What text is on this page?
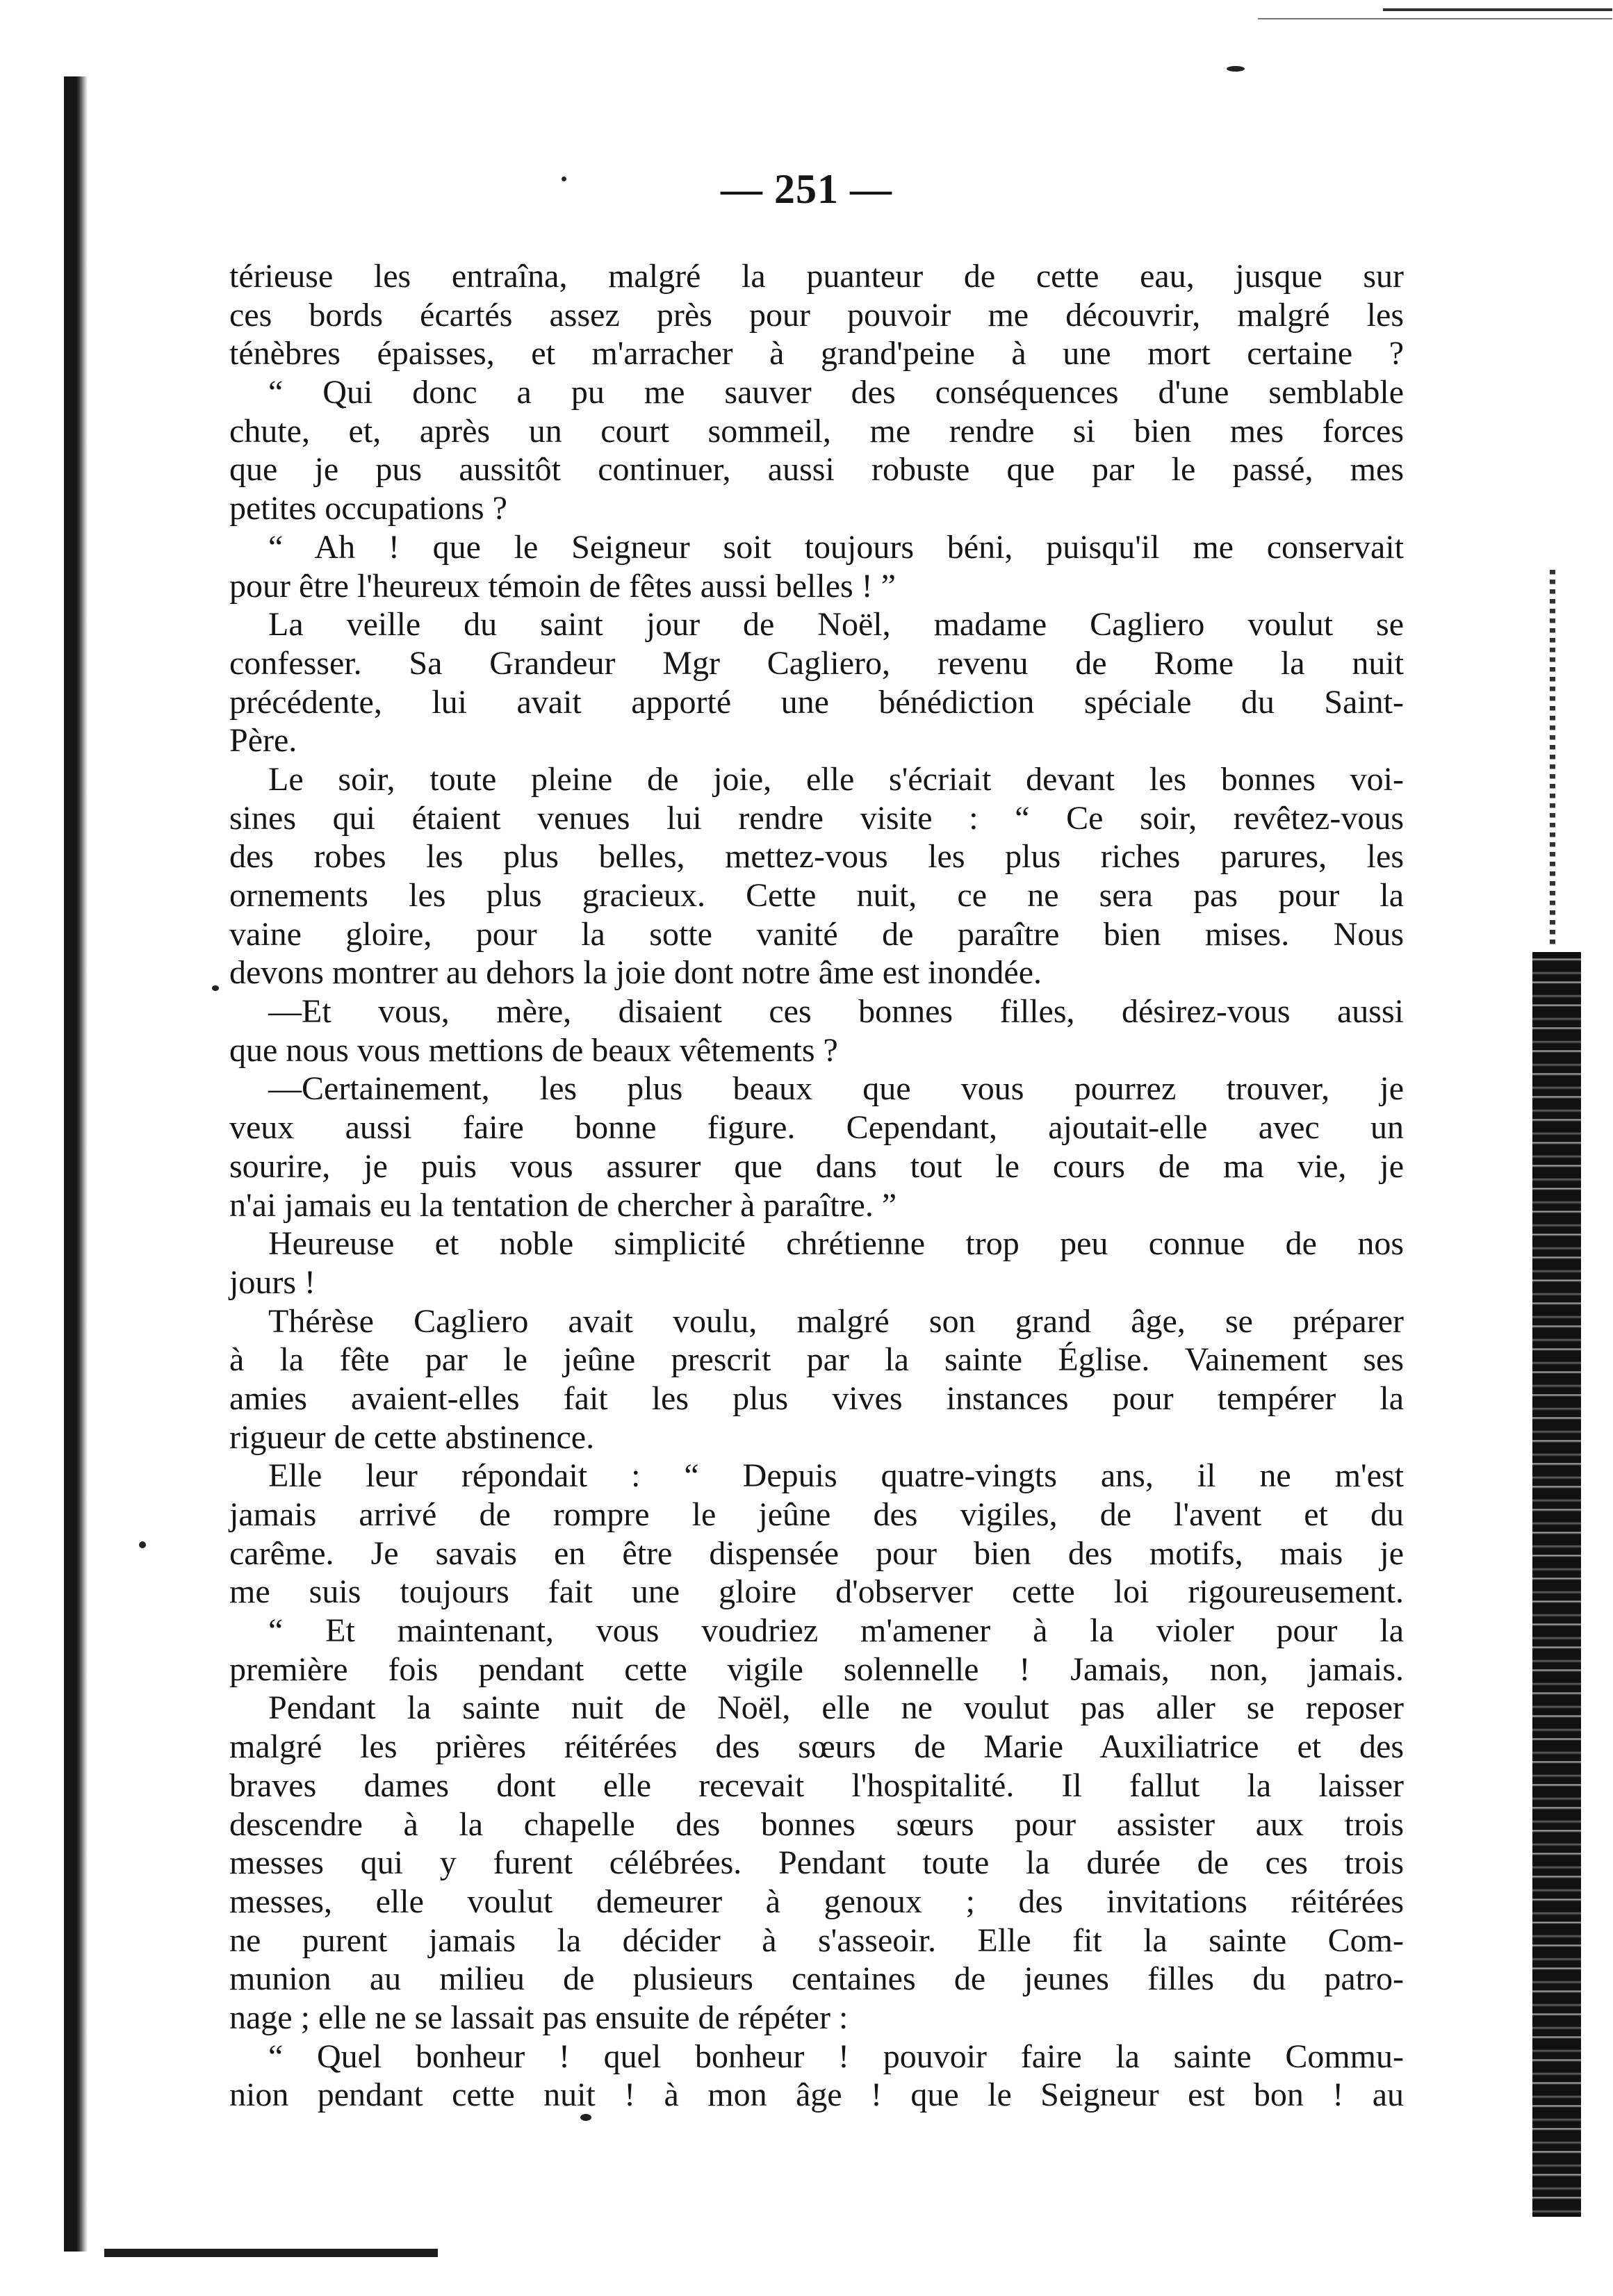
— 251 —
térieuse les entraîna, malgré la puanteur de cette eau, jusque sur
ces bords écartés assez près pour pouvoir me découvrir, malgré les
ténèbres épaisses, et m'arracher à grand'peine à une mort certaine ?
“ Qui donc a pu me sauver des conséquences d'une semblable
chute, et, après un court sommeil, me rendre si bien mes forces
que je pus aussitôt continuer, aussi robuste que par le passé, mes
petites occupations ?
“ Ah ! que le Seigneur soit toujours béni, puisqu'il me conservait
pour être l'heureux témoin de fêtes aussi belles ! ”
La veille du saint jour de Noël, madame Cagliero voulut se
confesser. Sa Grandeur Mgr Cagliero, revenu de Rome la nuit
précédente, lui avait apporté une bénédiction spéciale du Saint-
Père.
Le soir, toute pleine de joie, elle s'écriait devant les bonnes voi-
sines qui étaient venues lui rendre visite : “ Ce soir, revêtez-vous
des robes les plus belles, mettez-vous les plus riches parures, les
ornements les plus gracieux. Cette nuit, ce ne sera pas pour la
vaine gloire, pour la sotte vanité de paraître bien mises. Nous
devons montrer au dehors la joie dont notre âme est inondée.
—Et vous, mère, disaient ces bonnes filles, désirez-vous aussi
que nous vous mettions de beaux vêtements ?
—Certainement, les plus beaux que vous pourrez trouver, je
veux aussi faire bonne figure. Cependant, ajoutait-elle avec un
sourire, je puis vous assurer que dans tout le cours de ma vie, je
n'ai jamais eu la tentation de chercher à paraître. ”
Heureuse et noble simplicité chrétienne trop peu connue de nos
jours !
Thérèse Cagliero avait voulu, malgré son grand âge, se préparer
à la fête par le jeûne prescrit par la sainte Église. Vainement ses
amies avaient-elles fait les plus vives instances pour tempérer la
rigueur de cette abstinence.
Elle leur répondait : “ Depuis quatre-vingts ans, il ne m'est
jamais arrivé de rompre le jeûne des vigiles, de l'avent et du
carême. Je savais en être dispensée pour bien des motifs, mais je
me suis toujours fait une gloire d'observer cette loi rigoureusement.
“ Et maintenant, vous voudriez m'amener à la violer pour la
première fois pendant cette vigile solennelle ! Jamais, non, jamais.
Pendant la sainte nuit de Noël, elle ne voulut pas aller se reposer
malgré les prières réitérées des sœurs de Marie Auxiliatrice et des
braves dames dont elle recevait l'hospitalité. Il fallut la laisser
descendre à la chapelle des bonnes sœurs pour assister aux trois
messes qui y furent célébrées. Pendant toute la durée de ces trois
messes, elle voulut demeurer à genoux ; des invitations réitérées
ne purent jamais la décider à s'asseoir. Elle fit la sainte Com-
munion au milieu de plusieurs centaines de jeunes filles du patro-
nage ; elle ne se lassait pas ensuite de répéter :
“ Quel bonheur ! quel bonheur ! pouvoir faire la sainte Commu-
nion pendant cette nuit ! à mon âge ! que le Seigneur est bon ! au
